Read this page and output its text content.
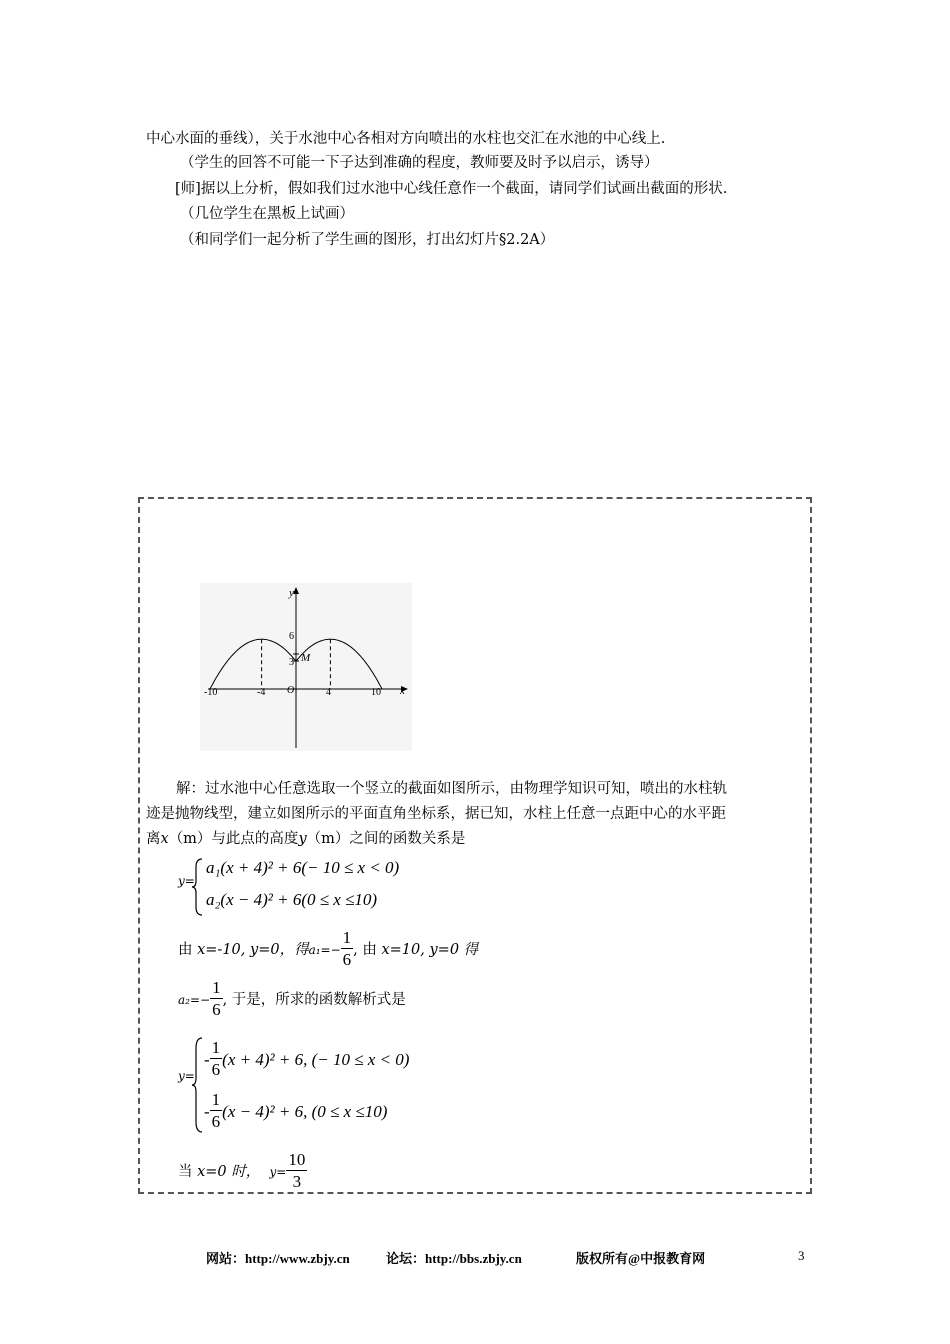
中心水面的垂线），关于水池中心各相对方向喷出的水柱也交汇在水池的中心线上.
（学生的回答不可能一下子达到准确的程度，教师要及时予以启示，诱导）
[师]据以上分析，假如我们过水池中心线任意作一个截面，请同学们试画出截面的形状.
（几位学生在黑板上试画）
（和同学们一起分析了学生画的图形，打出幻灯片§2.2A）
y
x
O
M
-10	-4	4	10
6
3
解：过水池中心任意选取一个竖立的截面如图所示，由物理学知识可知，喷出的水柱轨
迹是抛物线型，建立如图所示的平面直角坐标系，据已知，水柱上任意一点距中心的水平距
离x（m）与此点的高度y（m）之间的函数关系是
y=
a₁(x + 4)² + 6(− 10 ≤ x < 0)
a₂(x − 4)² + 6(0 ≤ x ≤10)
由
x=-10, y=0，得 $a_1=- \frac{1}{6}$ , 由
x=10, y=0 得
$a_2=- \frac{1}{6}$ , 于是，所求的函数解析式是
y=
- $\frac{1}{6} (x + 4)^2 + 6$, (− 10 ≤ x < 0)
- $\frac{1}{6} (x - 4)^2 + 6$, (0 ≤ x ≤10)
当
x=0 时，
$y= \frac{10}{3}$
网站：http://www.zbjy.cn	论坛：http://bbs.zbjy.cn	版权所有@中报教育网	3
